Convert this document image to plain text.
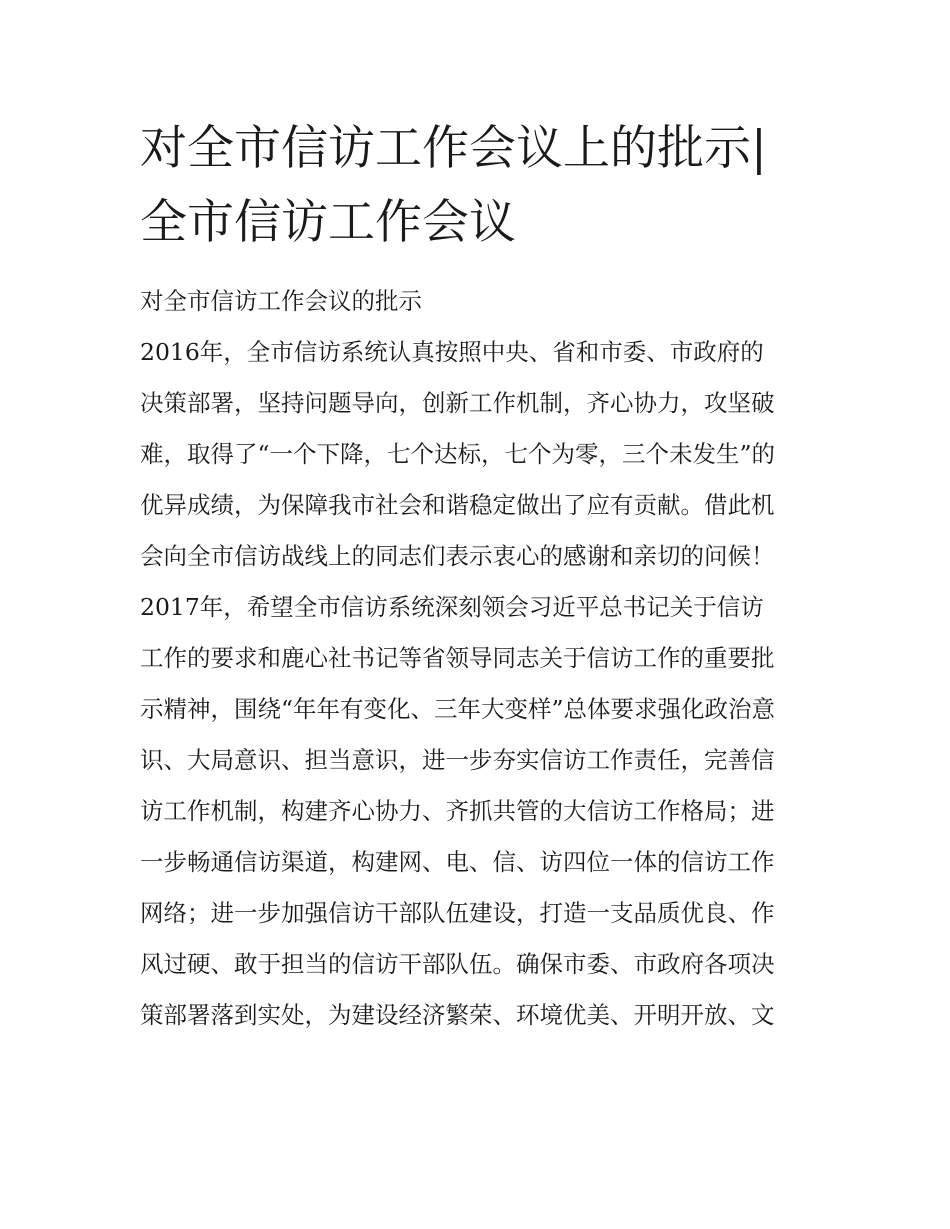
对全市信访工作会议上的批示|
全市信访工作会议
对全市信访工作会议的批示
2016年，全市信访系统认真按照中央、省和市委、市政府的
决策部署，坚持问题导向，创新工作机制，齐心协力，攻坚破
难，取得了“一个下降，七个达标，七个为零，三个未发生”的
优异成绩，为保障我市社会和谐稳定做出了应有贡献。借此机
会向全市信访战线上的同志们表示衷心的感谢和亲切的问候！
2017年，希望全市信访系统深刻领会习近平总书记关于信访
工作的要求和鹿心社书记等省领导同志关于信访工作的重要批
示精神，围绕“年年有变化、三年大变样”总体要求强化政治意
识、大局意识、担当意识，进一步夯实信访工作责任，完善信
访工作机制，构建齐心协力、齐抓共管的大信访工作格局；进
一步畅通信访渠道，构建网、电、信、访四位一体的信访工作
网络；进一步加强信访干部队伍建设，打造一支品质优良、作
风过硬、敢于担当的信访干部队伍。确保市委、市政府各项决
策部署落到实处，为建设经济繁荣、环境优美、开明开放、文
